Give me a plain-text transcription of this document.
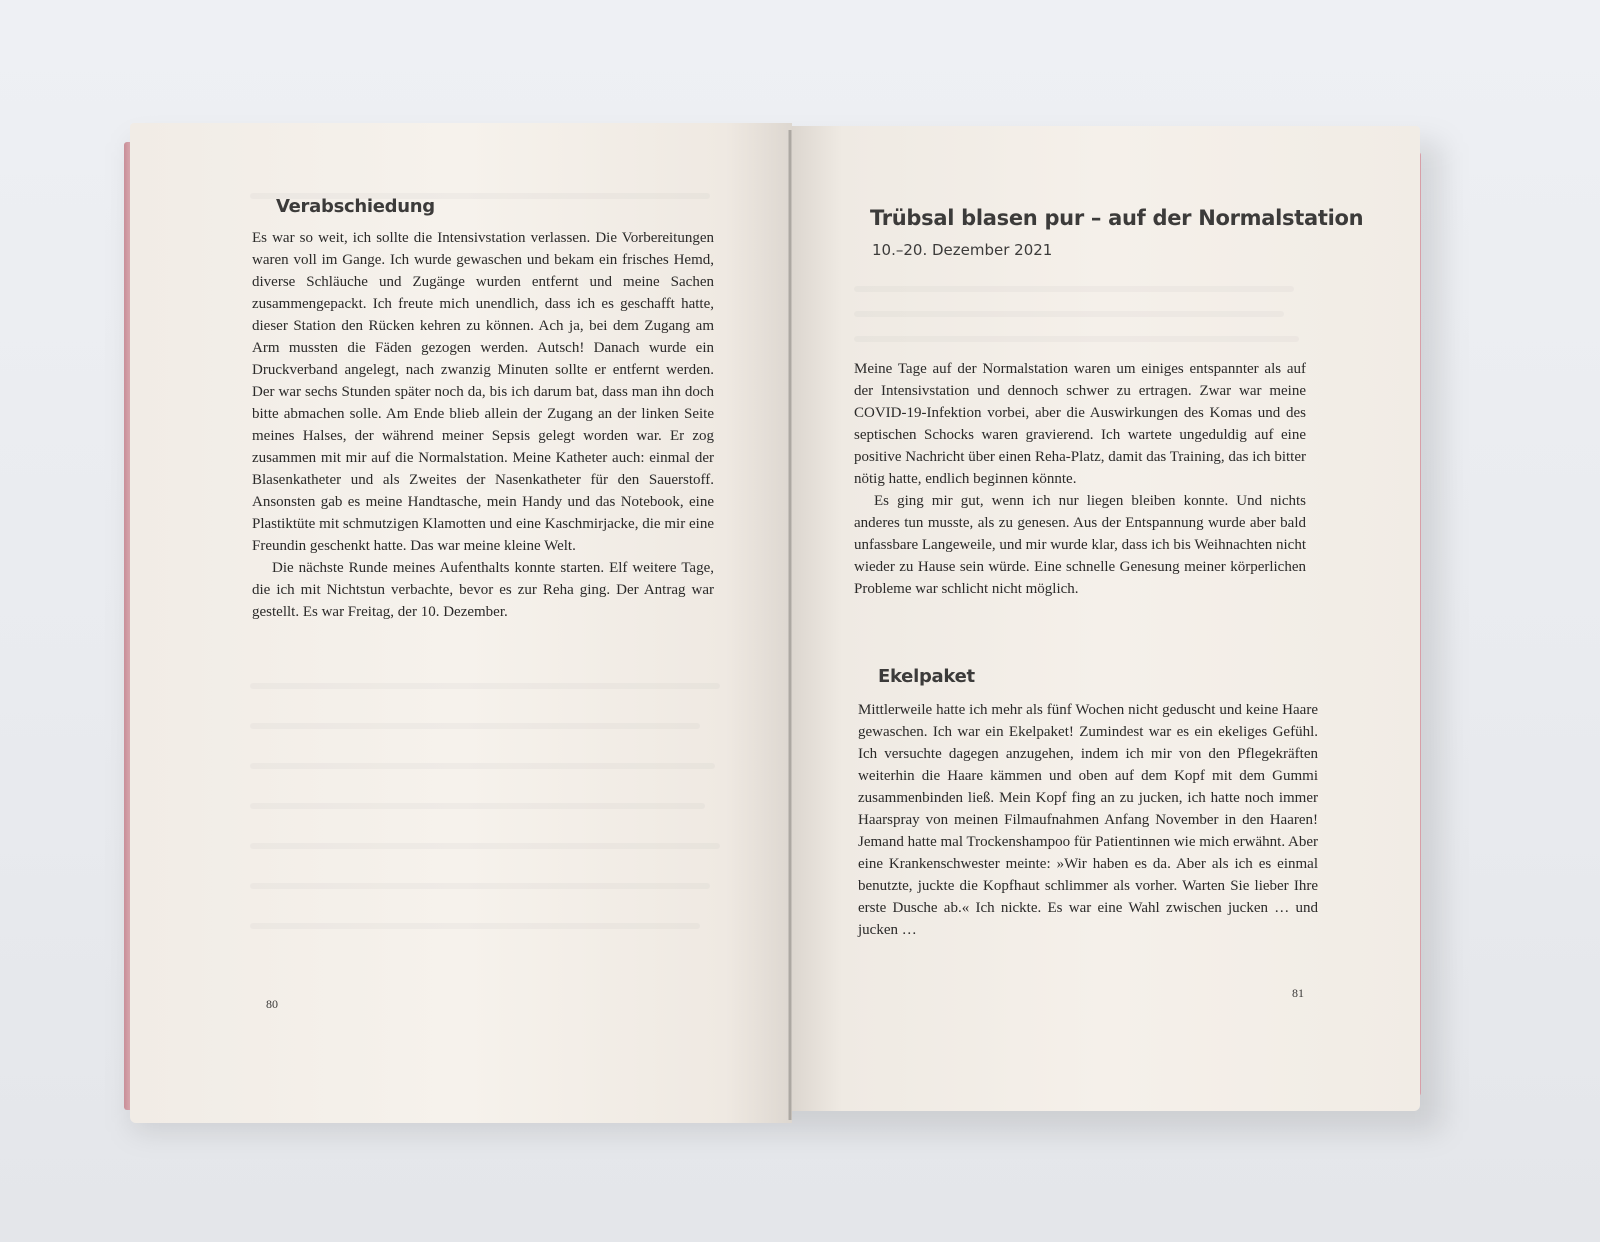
Verabschiedung

Es war so weit, ich sollte die Intensivstation verlassen. Die Vorbereitungen waren voll im Gange. Ich wurde gewaschen und bekam ein frisches Hemd, diverse Schläuche und Zugänge wurden entfernt und meine Sachen zusammengepackt. Ich freute mich unendlich, dass ich es geschafft hatte, dieser Station den Rücken kehren zu können. Ach ja, bei dem Zugang am Arm mussten die Fäden gezogen werden. Autsch! Danach wurde ein Druckverband angelegt, nach zwanzig Minuten sollte er entfernt werden. Der war sechs Stunden später noch da, bis ich darum bat, dass man ihn doch bitte abmachen solle. Am Ende blieb allein der Zugang an der linken Seite meines Halses, der während meiner Sepsis gelegt worden war. Er zog zusammen mit mir auf die Normalstation. Meine Katheter auch: einmal der Blasenkatheter und als Zweites der Nasenkatheter für den Sauerstoff. Ansonsten gab es meine Handtasche, mein Handy und das Notebook, eine Plastiktüte mit schmutzigen Klamotten und eine Kaschmirjacke, die mir eine Freundin geschenkt hatte. Das war meine kleine Welt.

Die nächste Runde meines Aufenthalts konnte starten. Elf weitere Tage, die ich mit Nichtstun verbachte, bevor es zur Reha ging. Der Antrag war gestellt. Es war Freitag, der 10. Dezember.

80
Trübsal blasen pur – auf der Normalstation
10.–20. Dezember 2021

Meine Tage auf der Normalstation waren um einiges entspannter als auf der Intensivstation und dennoch schwer zu ertragen. Zwar war meine COVID-19-Infektion vorbei, aber die Auswirkungen des Komas und des septischen Schocks waren gravierend. Ich wartete ungeduldig auf eine positive Nachricht über einen Reha-Platz, damit das Training, das ich bitter nötig hatte, endlich beginnen könnte.

Es ging mir gut, wenn ich nur liegen bleiben konnte. Und nichts anderes tun musste, als zu genesen. Aus der Entspannung wurde aber bald unfassbare Langeweile, und mir wurde klar, dass ich bis Weihnachten nicht wieder zu Hause sein würde. Eine schnelle Genesung meiner körperlichen Probleme war schlicht nicht möglich.

Ekelpaket

Mittlerweile hatte ich mehr als fünf Wochen nicht geduscht und keine Haare gewaschen. Ich war ein Ekelpaket! Zumindest war es ein ekeliges Gefühl. Ich versuchte dagegen anzugehen, indem ich mir von den Pflegekräften weiterhin die Haare kämmen und oben auf dem Kopf mit dem Gummi zusammenbinden ließ. Mein Kopf fing an zu jucken, ich hatte noch immer Haarspray von meinen Filmaufnahmen Anfang November in den Haaren! Jemand hatte mal Trockenshampoo für Patientinnen wie mich erwähnt. Aber eine Krankenschwester meinte: »Wir haben es da. Aber als ich es einmal benutzte, juckte die Kopfhaut schlimmer als vorher. Warten Sie lieber Ihre erste Dusche ab.« Ich nickte. Es war eine Wahl zwischen jucken … und jucken …

81
